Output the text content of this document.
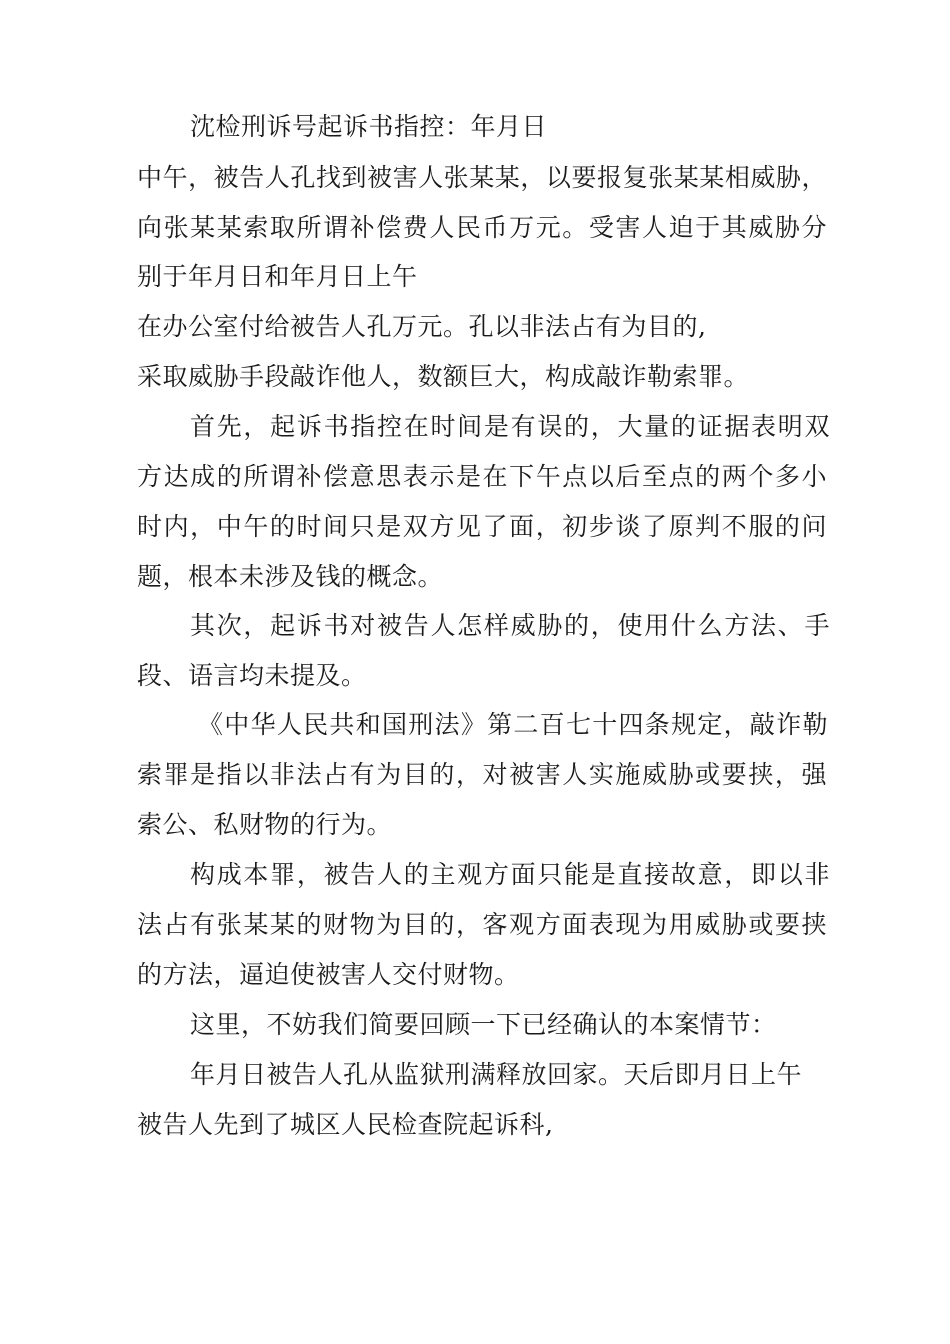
沈检刑诉号起诉书指控：年月日
中午，被告人孔找到被害人张某某，以要报复张某某相威胁，
向张某某索取所谓补偿费人民币万元。受害人迫于其威胁分
别于年月日和年月日上午
在办公室付给被告人孔万元。孔以非法占有为目的,
采取威胁手段敲诈他人，数额巨大，构成敲诈勒索罪。
首先，起诉书指控在时间是有误的，大量的证据表明双
方达成的所谓补偿意思表示是在下午点以后至点的两个多小
时内，中午的时间只是双方见了面，初步谈了原判不服的问
题，根本未涉及钱的概念。
其次，起诉书对被告人怎样威胁的，使用什么方法、手
段、语言均未提及。
《中华人民共和国刑法》第二百七十四条规定，敲诈勒
索罪是指以非法占有为目的，对被害人实施威胁或要挟，强
索公、私财物的行为。
构成本罪，被告人的主观方面只能是直接故意，即以非
法占有张某某的财物为目的，客观方面表现为用威胁或要挟
的方法，逼迫使被害人交付财物。
这里，不妨我们简要回顾一下已经确认的本案情节：
年月日被告人孔从监狱刑满释放回家。天后即月日上午
被告人先到了城区人民检查院起诉科,
